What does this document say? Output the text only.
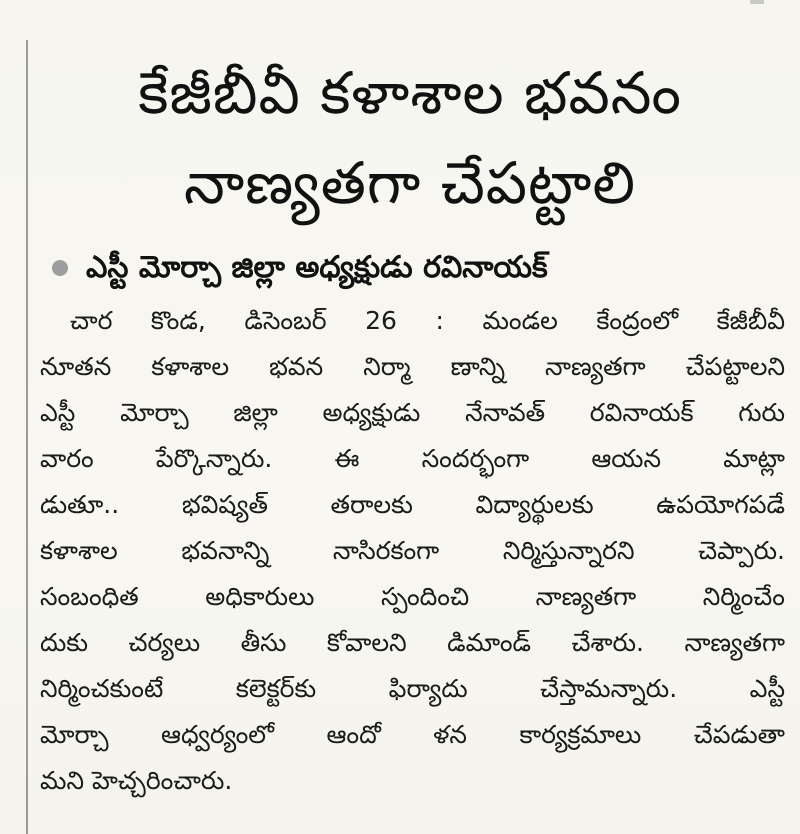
కేజీబీవీ కళాశాల భవనం
నాణ్యతగా చేపట్టాలి
ఎస్టీ మోర్చా జిల్లా అధ్యక్షుడు రవినాయక్
చార కొండ, డిసెంబర్ 26 : మండల కేంద్రంలో కేజీబీవీ
నూతన కళాశాల భవన నిర్మా ణాన్ని నాణ్యతగా చేపట్టాలని
ఎస్టీ మోర్చా జిల్లా అధ్యక్షుడు నేనావత్ రవినాయక్ గురు
వారం పేర్కొన్నారు. ఈ సందర్భంగా ఆయన మాట్లా
డుతూ.. భవిష్యత్ తరాలకు విద్యార్థులకు ఉపయోగపడే
కళాశాల భవనాన్ని నాసిరకంగా నిర్మిస్తున్నారని చెప్పారు.
సంబంధిత అధికారులు స్పందించి నాణ్యతగా నిర్మించేం
దుకు చర్యలు తీసు కోవాలని డిమాండ్ చేశారు. నాణ్యతగా
నిర్మించకుంటే కలెక్టర్‌కు ఫిర్యాదు చేస్తామన్నారు. ఎస్టీ
మోర్చా ఆధ్వర్యంలో ఆందో ళన కార్యక్రమాలు చేపడుతా
మని హెచ్చరించారు.
